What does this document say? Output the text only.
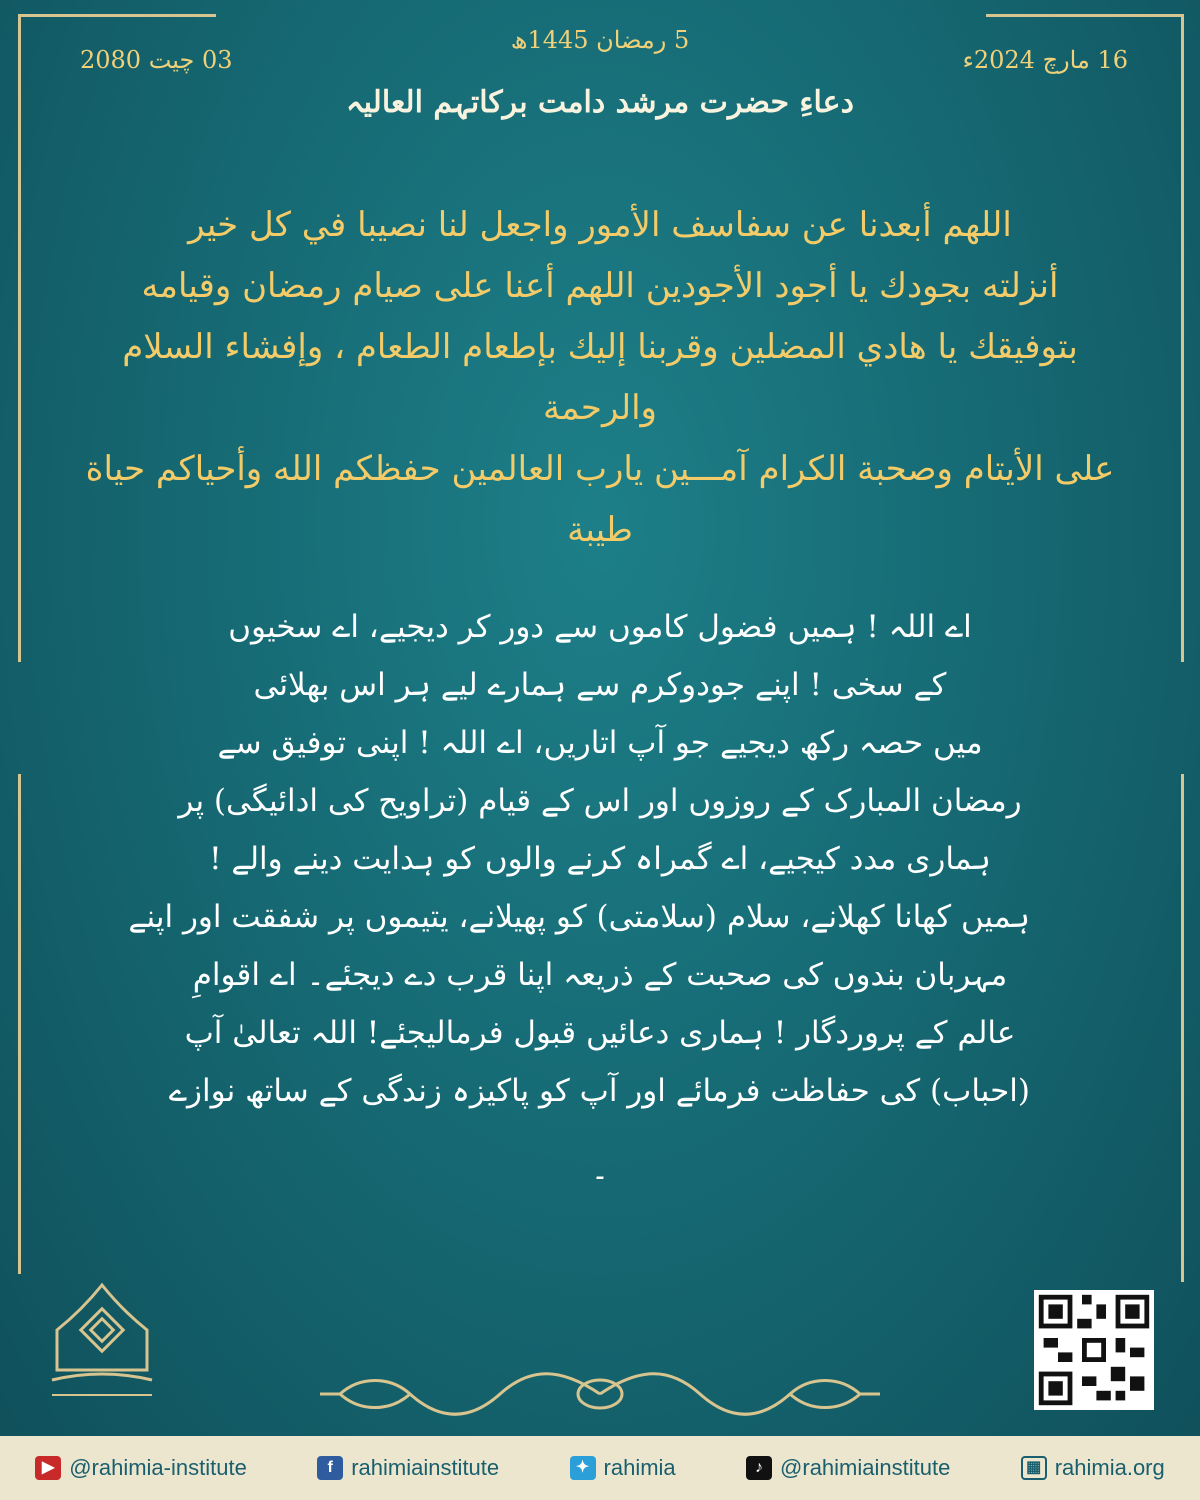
5 رمضان 1445ھ
16 مارچ 2024ء
03 چیت 2080
دعاءِ حضرت مرشد دامت برکاتہم العالیہ
اللهم أبعدنا عن سفاسف الأمور واجعل لنا نصيبا في كل خير
أنزلته بجودك يا أجود الأجودين اللهم أعنا على صيام رمضان وقيامه
بتوفيقك يا هادي المضلين وقربنا إليك بإطعام الطعام ، وإفشاء السلام والرحمة
على الأيتام وصحبة الكرام آمـــين يارب العالمين حفظكم الله وأحياكم حياة
طيبة
اے اللہ ! ہمیں فضول کاموں سے دور کر دیجیے، اے سخیوں
کے سخی ! اپنے جودوکرم سے ہمارے لیے ہر اس بھلائی
میں حصہ رکھ دیجیے جو آپ اتاریں، اے اللہ ! اپنی توفیق سے
رمضان المبارک کے روزوں اور اس کے قیام (تراویح کی ادائیگی) پر
ہماری مدد کیجیے، اے گمراہ کرنے والوں کو ہدایت دینے والے !
ہمیں کھانا کھلانے، سلام (سلامتی) کو پھیلانے، یتیموں پر شفقت اور اپنے
مہربان بندوں کی صحبت کے ذریعہ اپنا قرب دے دیجئے۔ اے اقوامِ
عالم کے پروردگار ! ہماری دعائیں قبول فرمالیجئے! اللہ تعالیٰ آپ
(احباب) کی حفاظت فرمائے اور آپ کو پاکیزہ زندگی کے ساتھ نوازے
۔
▶ @rahimia-institute	f rahimiainstitute	✦ rahimia	♪ @rahimiainstitute	▦ rahimia.org
